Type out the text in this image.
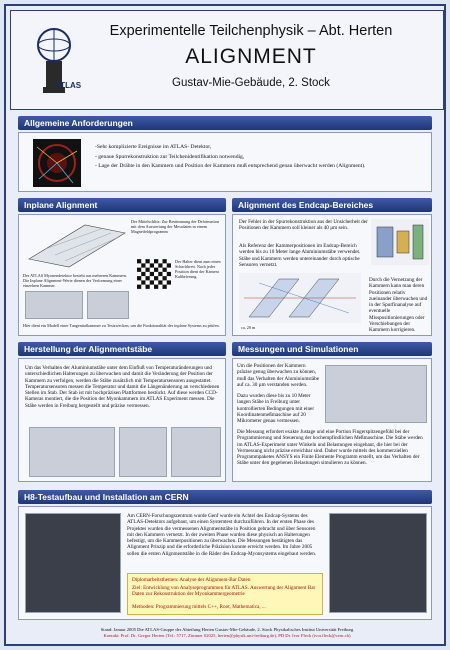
ATLAS
Experimentelle Teilchenphysik – Abt. Herten
ALIGNMENT
Gustav-Mie-Gebäude, 2. Stock
Allgemeine Anforderungen
-Sehr komplizierte Ereignisse im ATLAS- Detektor,
- genaue Spurrekonstruktion zur Teilchenidentifikation notwendig,
- Lage der Drähte in den Kammern und Position der Kammern muß entsprechend genau überwacht werden (Alignment).
Inplane Alignment
Der Mittelschlitz: Zur Bestimmung der Deformation mit dem Auswertung der Messdaten in einem Magnetfeldprogramm
Der ATLAS Myonendetektor besteht aus mehreren Kammern. Die Inplane Alignment-Werte dienen der Verformung einer einzelnen Kammer.
Der Halter dient zum einen Schachbrett. Nach jeder Position dient der Kamera Kalibrierung.
Hier dient ein Modell einer Tangentialkammer zu Testzwecken, um die Funktionalität des inplane Systems zu prüfen.
Alignment des Endcap-Bereiches
Der Fehler in der Spurrekonstruktion aus der Unsicherheit der Positionen der Kammern soll kleiner als 40 µm sein.
Als Referenz der Kammerpositionen im Endcap-Bereich werden bis zu 10 Meter lange Aluminiumstäbe verwendet. Stäbe und Kammern werden untereinander durch optische Sensoren vernetzt.
ca. 20 m
Durch die Vernetzung der Kammern kann man deren Positionen relativ zueinander überwachen und in der Spurfinanalyse auf eventuelle Misspositionierungen oder Verschiebungen der Kammern korrigieren.
Herstellung der Alignmentstäbe
Um das Verhalten der Aluminiumstäbe unter dem Einfluß von Temperaturänderungen und unterschiedlichen Halterungen zu überwachen und damit die Veränderung der Position der Kammern zu verfolgen, werden die Stäbe zusätzlich mit Temperatursensoren ausgestattet. Temperatursensoren messen die Temperatur und damit die Längenänderung an verschiedenen Stellen im Stab. Der Stab ist mit hochpräzisen Plattformen bestückt. Auf diese werden CCD-Kameras montiert, die die Position der Myonkammern im ATLAS Experiment messen. Die Stäbe werden in Freiburg hergestellt und präzise vermessen.
Messungen und Simulationen
Um die Positionen der Kammern präzise genug überwachen zu können, muß das Verhalten der Aluminiumstäbe auf ca. 30 µm verstanden werden.
Dazu wurden diese bis zu 10 Meter langen Stäbe in Freiburg unter kontrollierten Bedingungen mit einer Koordinatenmeßmaschine auf 20 Mikrometer genau vermessen.
Die Messung erfordert exakte Justage und eine Portion Fingerspitzengefühl bei der Programmierung und Steuerung der hochempfindlichen Meßmaschine. Die Stäbe werden im ATLAS-Experiment unter Winkeln und Belastungen eingebaut, die hier bei der Vermessung nicht präzise erreichbar sind. Daher wurde mittels des kommerziellen Programmpaketes ANSYS ein Finite Elemente Programm erstellt, um das Verhalten der Stäbe unter den gegebenen Belastungen simulieren zu können.
H8-Testaufbau und Installation am CERN
Am CERN-Forschungszentrum wurde Genf wurde ein Achtel des Endcap-Systems des ATLAS-Detektors aufgebaut, um einen Systemtest durchzuführen. In der ersten Phase des Projektes wurden die vermessenen Alignmentstäbe in Position gebracht und über Sensoren mit den Kammern vernetzt. In der zweiten Phase wurden diese physisch an Halterungen befestigt, um die Kammerpositionen zu überwachen. Die Messungen bestätigten das Alignment Prinzip und die erforderliche Präzision konnte erreicht werden. Im Jahre 2005 sollen die ersten Alignmentstäbe in die Räder des Endcap-Myonsystems eingebaut werden.
Diplomarbeitsthemen: Analyse der Alignment-Bar Daten
Ziel: Entwicklung von Analyseprogrammen für ATLAS. Auswertung der Alignment Bar Daten zur Rekonstruktion der Myonkammergeometrie
Methoden: Programmierung mittels C++, Root, Mathematica, ...
Stand: Januar 2005 Die ATLAS-Gruppe der Abteilung Herten Gustav-Mie-Gebäude, 2. Stock Physikalisches Institut Universität Freiburg
Kontakt: Prof. Dr. Gregor Herten (Tel.: 5717, Zimmer 02025, herten@physik.uni-freiburg.de), PD Dr. Ivor Fleck (ivor.fleck@cern.ch)
